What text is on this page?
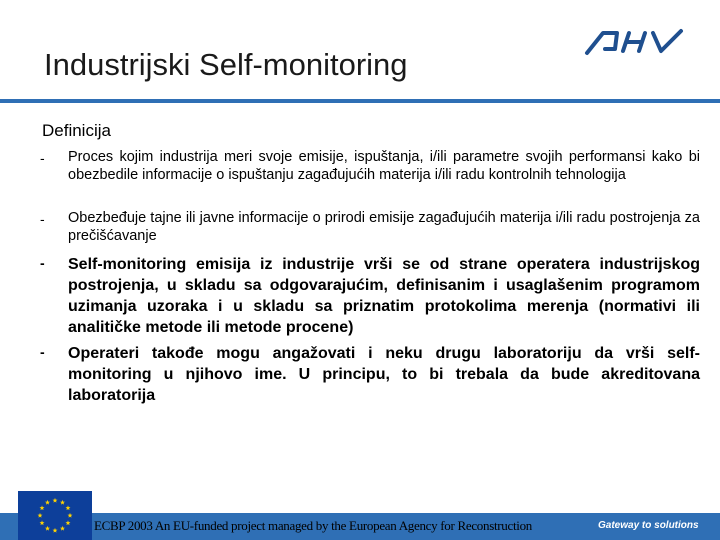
Industrijski Self-monitoring
Definicija
- Proces kojim industrija meri svoje emisije, ispuštanja, i/ili parametre svojih performansi kako bi obezbedile informacije o ispuštanju zagađujućih materija i/ili radu kontrolnih tehnologija
- Obezbeđuje tajne ili javne informacije o prirodi emisije zagađujućih materija i/ili radu postrojenja za prečišćavanje
- Self-monitoring emisija iz industrije vrši se od strane operatera industrijskog postrojenja, u skladu sa odgovarajućim, definisanim i usaglašenim programom uzimanja uzoraka i u skladu sa priznatim protokolima merenja (normativi ili analitičke metode ili metode procene)
- Operateri takođe mogu angažovati i neku drugu laboratoriju da vrši self-monitoring u njihovo ime. U principu, to bi trebala da bude akreditovana laboratorija
ECBP 2003 An EU-funded project managed by the European Agency for Reconstruction	Gateway to solutions
